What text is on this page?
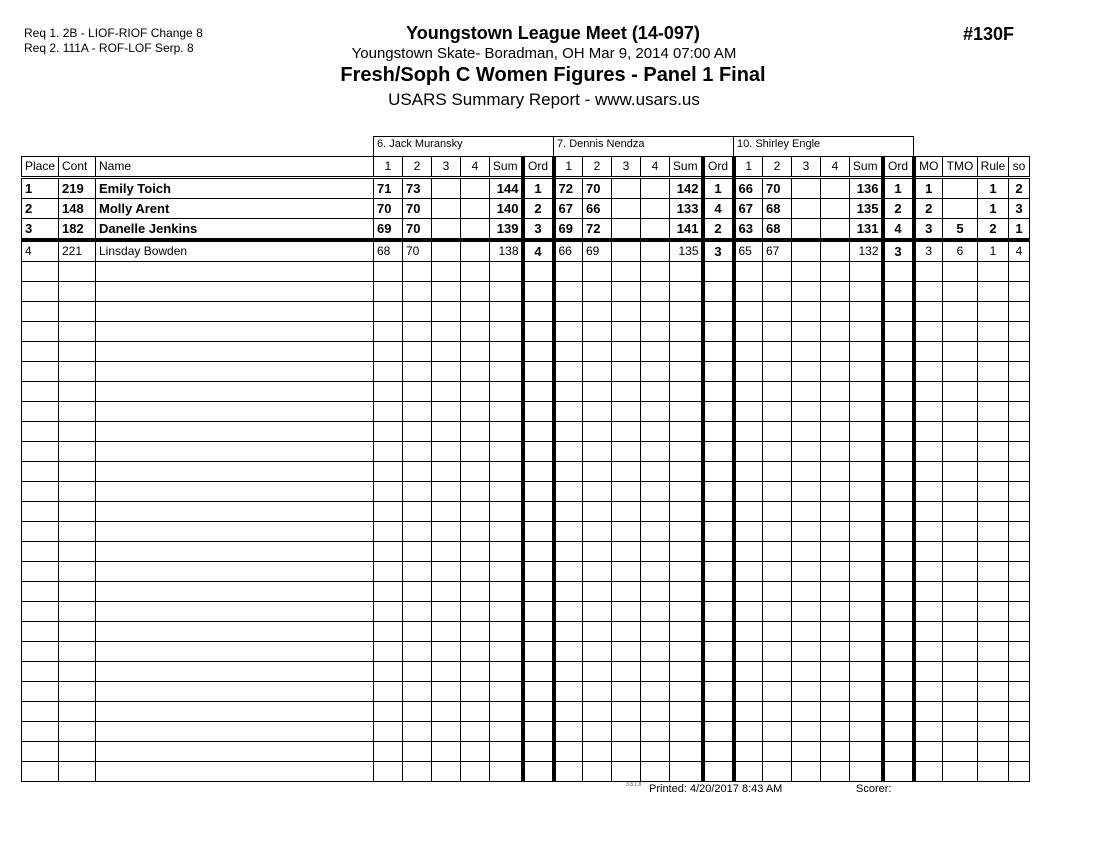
Req 1. 2B - LIOF-RIOF Change 8
Req 2. 111A - ROF-LOF Serp. 8
Youngstown League Meet (14-097)
Youngstown Skate- Boradman, OH Mar 9, 2014 07:00 AM
Fresh/Soph C Women Figures - Panel 1 Final
USARS Summary Report - www.usars.us
#130F
			6. Jack Muransky						7. Dennis Nendza						10. Shirley Engle									
Place	Cont	Name	1	2	3	4	Sum	Ord	1	2	3	4	Sum	Ord	1	2	3	4	Sum	Ord	MO	TMO	Rule	so
1	219	Emily Toich	71	73			144	1	72	70			142	1	66	70			136	1	1		1	2
2	148	Molly Arent	70	70			140	2	67	66			133	4	67	68			135	2	2		1	3
3	182	Danelle Jenkins	69	70			139	3	69	72			141	2	63	68			131	4	3	5	2	1
4	221	Linsday Bowden	68	70			138	4	66	69			135	3	65	67			132	3	3	6	1	4

3.8.1.8 Printed: 4/20/2017 8:43 AM	Scorer:
